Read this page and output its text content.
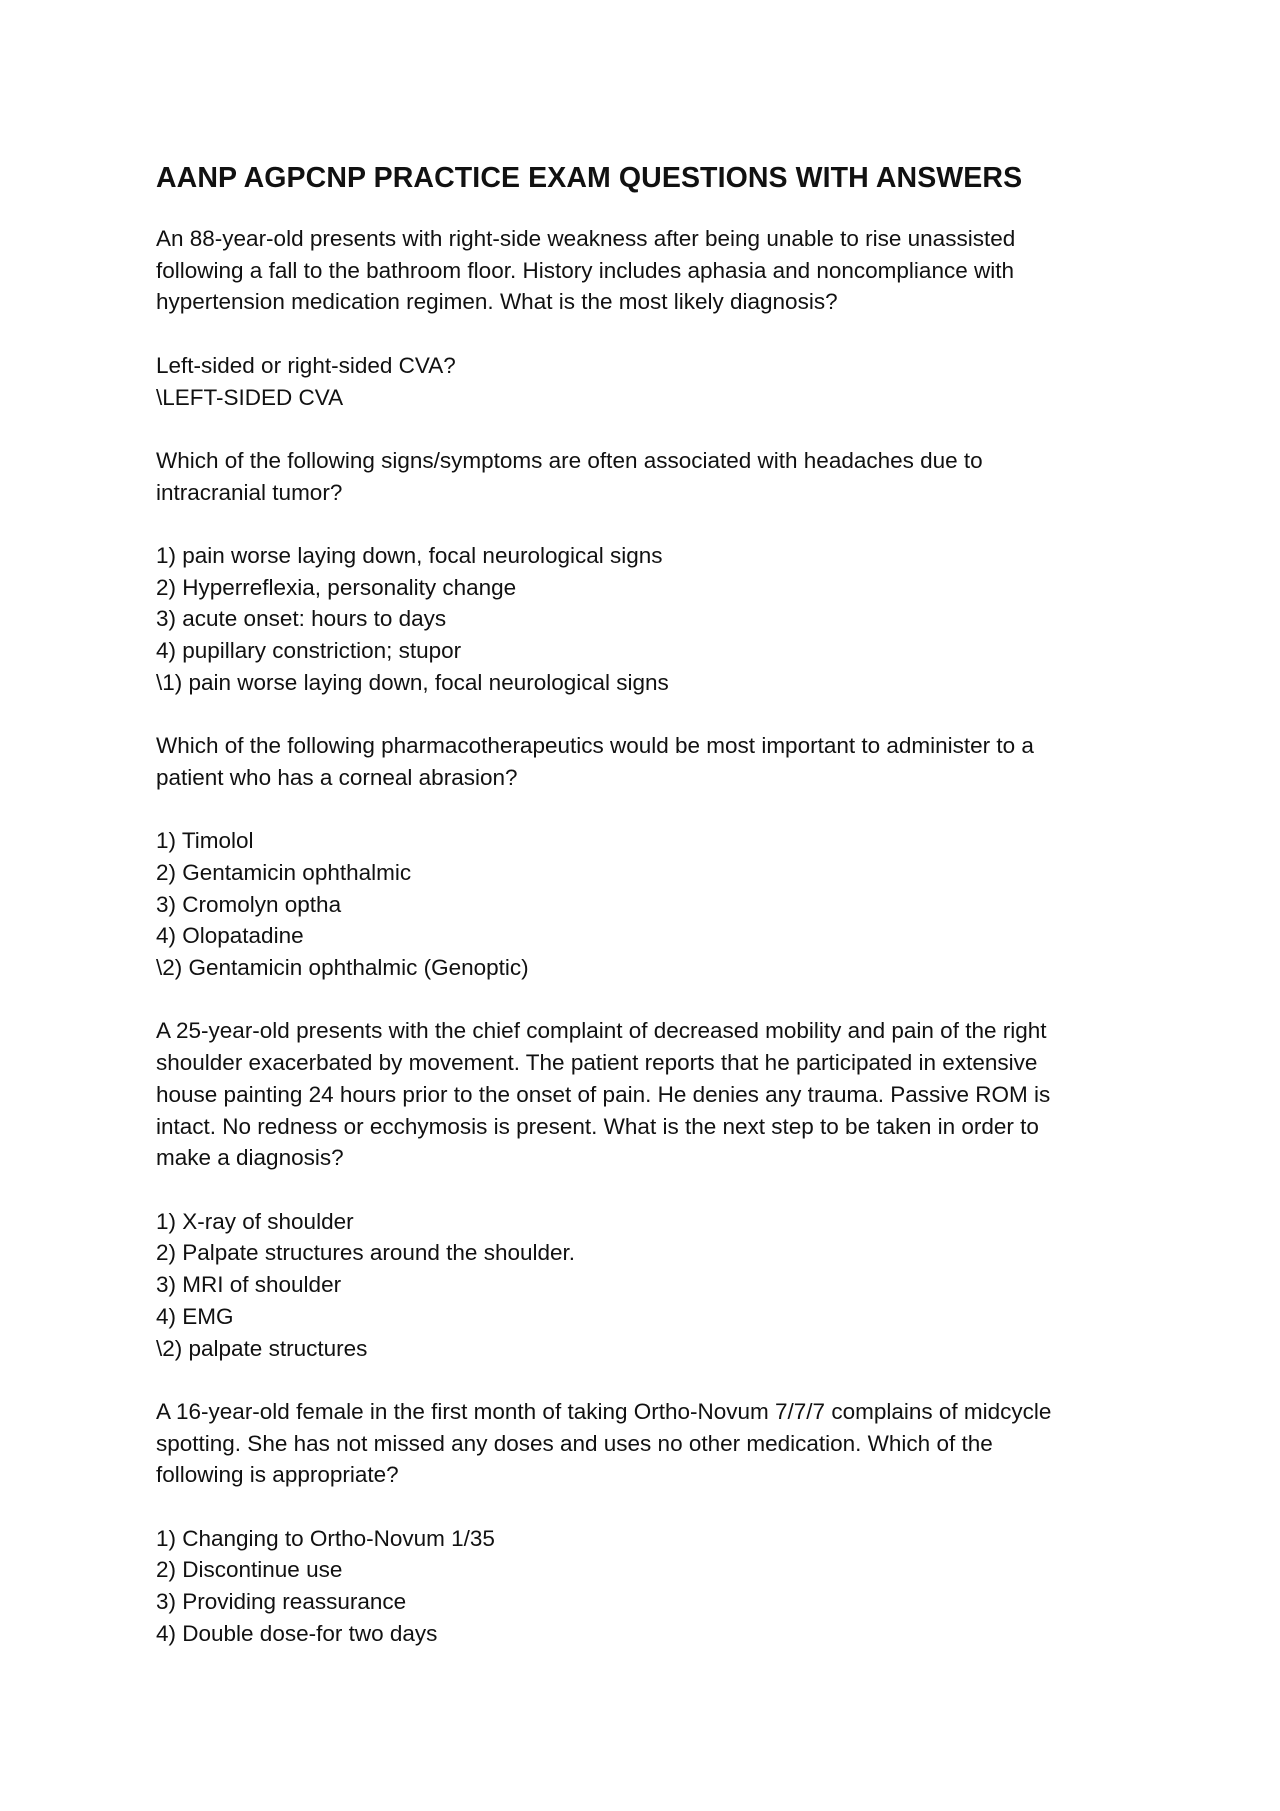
AANP AGPCNP PRACTICE EXAM QUESTIONS WITH ANSWERS
An 88-year-old presents with right-side weakness after being unable to rise unassisted
following a fall to the bathroom floor. History includes aphasia and noncompliance with
hypertension medication regimen. What is the most likely diagnosis?
Left-sided or right-sided CVA?
\LEFT-SIDED CVA
Which of the following signs/symptoms are often associated with headaches due to
intracranial tumor?
1) pain worse laying down, focal neurological signs
2) Hyperreflexia, personality change
3) acute onset: hours to days
4) pupillary constriction; stupor
\1) pain worse laying down, focal neurological signs
Which of the following pharmacotherapeutics would be most important to administer to a
patient who has a corneal abrasion?
1) Timolol
2) Gentamicin ophthalmic
3) Cromolyn optha
4) Olopatadine
\2) Gentamicin ophthalmic (Genoptic)
A 25-year-old presents with the chief complaint of decreased mobility and pain of the right
shoulder exacerbated by movement. The patient reports that he participated in extensive
house painting 24 hours prior to the onset of pain. He denies any trauma. Passive ROM is
intact. No redness or ecchymosis is present. What is the next step to be taken in order to
make a diagnosis?
1) X-ray of shoulder
2) Palpate structures around the shoulder.
3) MRI of shoulder
4) EMG
\2) palpate structures
A 16-year-old female in the first month of taking Ortho-Novum 7/7/7 complains of midcycle
spotting. She has not missed any doses and uses no other medication. Which of the
following is appropriate?
1) Changing to Ortho-Novum 1/35
2) Discontinue use
3) Providing reassurance
4) Double dose-for two days
